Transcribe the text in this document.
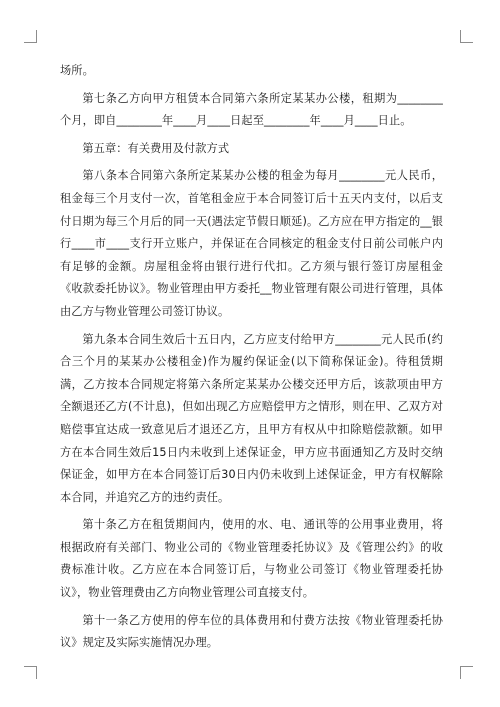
场所。

第七条乙方向甲方租赁本合同第六条所定某某办公楼，租期为________个月，即自________年____月____日起至________年____月____日止。

第五章：有关费用及付款方式

第八条本合同第六条所定某某办公楼的租金为每月________元人民币，租金每三个月支付一次，首笔租金应于本合同签订后十五天内支付，以后支付日期为每三个月后的同一天(遇法定节假日顺延)。乙方应在甲方指定的__银行____市____支行开立账户，并保证在合同核定的租金支付日前公司帐户内有足够的金额。房屋租金将由银行进行代扣。乙方须与银行签订房屋租金《收款委托协议》。物业管理由甲方委托__物业管理有限公司进行管理，具体由乙方与物业管理公司签订协议。

第九条本合同生效后十五日内，乙方应支付给甲方________元人民币(约合三个月的某某办公楼租金)作为履约保证金(以下简称保证金)。待租赁期满，乙方按本合同规定将第六条所定某某办公楼交还甲方后，该款项由甲方全额退还乙方(不计息)，但如出现乙方应赔偿甲方之情形，则在甲、乙双方对赔偿事宜达成一致意见后才退还乙方，且甲方有权从中扣除赔偿款额。如甲方在本合同生效后15日内未收到上述保证金，甲方应书面通知乙方及时交纳保证金，如甲方在本合同签订后30日内仍未收到上述保证金，甲方有权解除本合同，并追究乙方的违约责任。

第十条乙方在租赁期间内，使用的水、电、通讯等的公用事业费用，将根据政府有关部门、物业公司的《物业管理委托协议》及《管理公约》的收费标准计收。乙方应在本合同签订后，与物业公司签订《物业管理委托协议》，物业管理费由乙方向物业管理公司直接支付。

第十一条乙方使用的停车位的具体费用和付费方法按《物业管理委托协议》规定及实际实施情况办理。
